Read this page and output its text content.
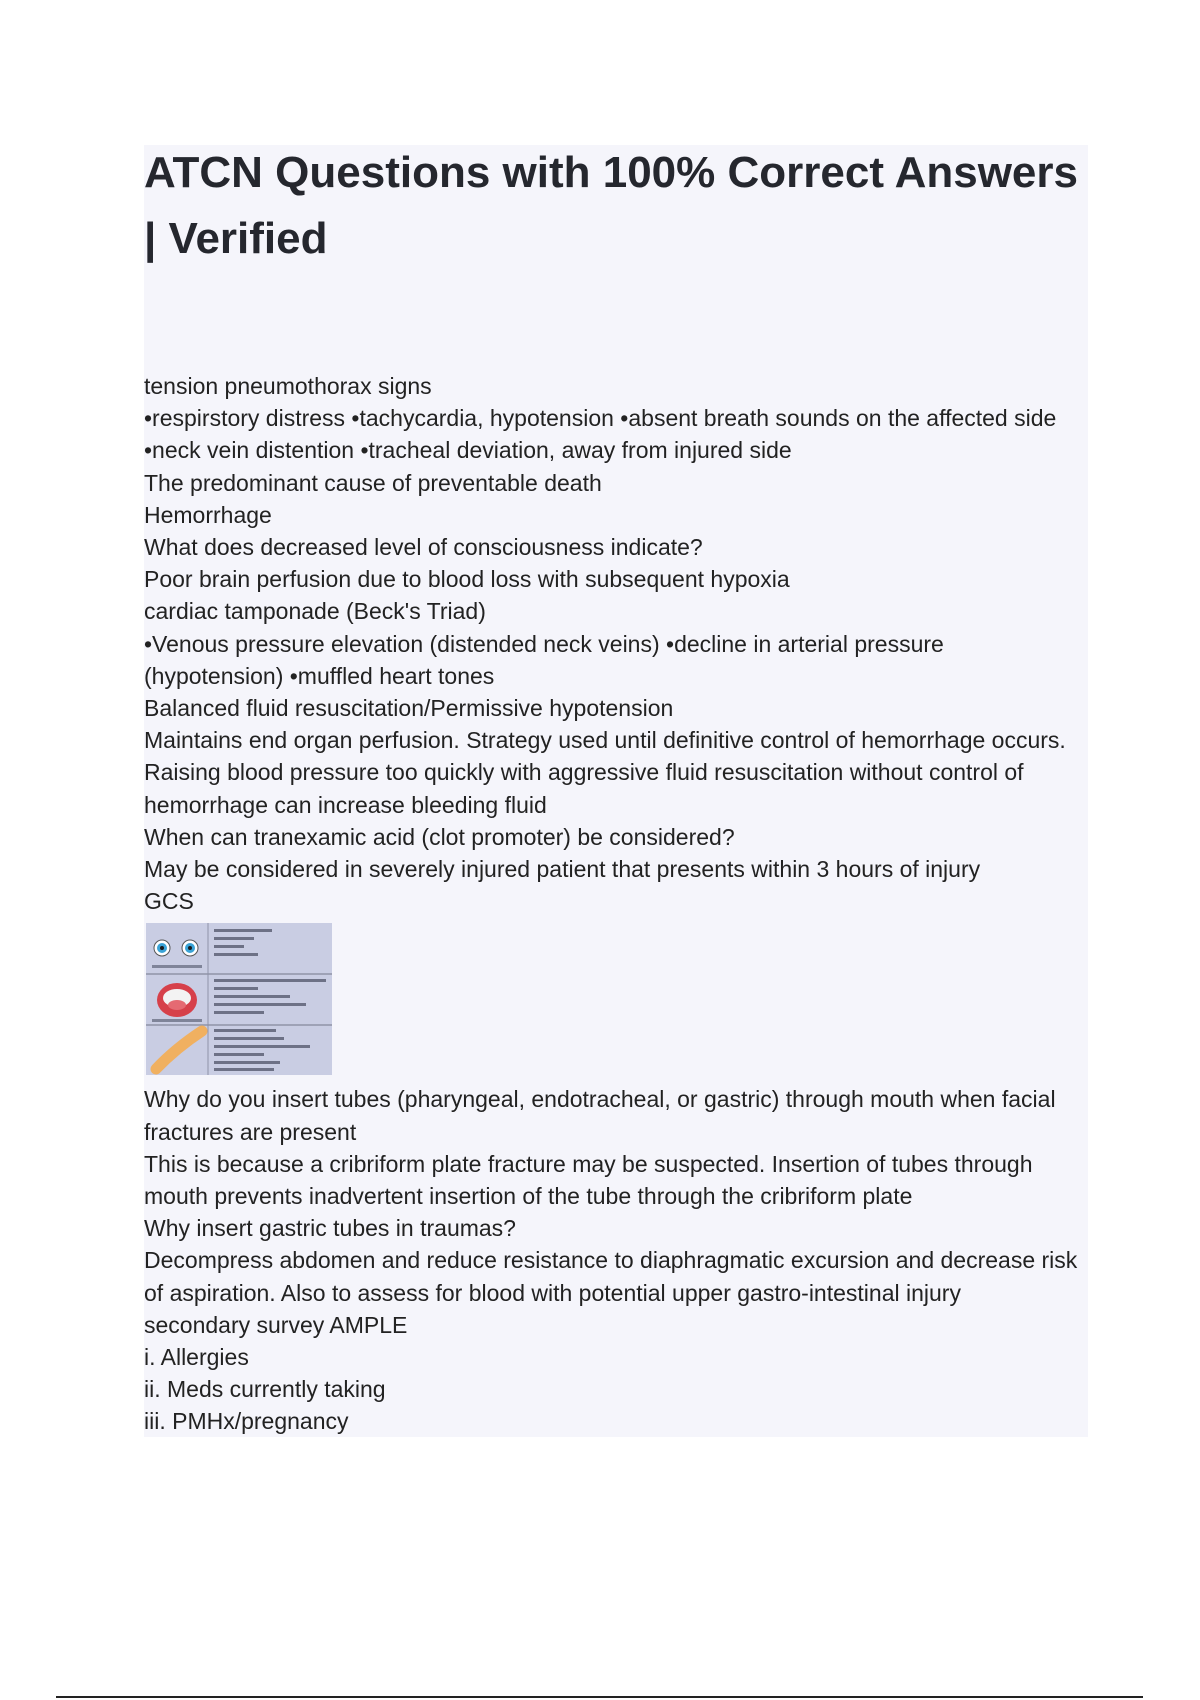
ATCN Questions with 100% Correct Answers | Verified

tension pneumothorax signs

•respirstory distress •tachycardia, hypotension •absent breath sounds on the affected side •neck vein distention •tracheal deviation, away from injured side

The predominant cause of preventable death

Hemorrhage

What does decreased level of consciousness indicate?

Poor brain perfusion due to blood loss with subsequent hypoxia

cardiac tamponade (Beck's Triad)

•Venous pressure elevation (distended neck veins) •decline in arterial pressure (hypotension) •muffled heart tones

Balanced fluid resuscitation/Permissive hypotension

Maintains end organ perfusion. Strategy used until definitive control of hemorrhage occurs. Raising blood pressure too quickly with aggressive fluid resuscitation without control of hemorrhage can increase bleeding fluid

When can tranexamic acid (clot promoter) be considered?

May be considered in severely injured patient that presents within 3 hours of injury

GCS

Why do you insert tubes (pharyngeal, endotracheal, or gastric) through mouth when facial fractures are present

This is because a cribriform plate fracture may be suspected. Insertion of tubes through mouth prevents inadvertent insertion of the tube through the cribriform plate

Why insert gastric tubes in traumas?

Decompress abdomen and reduce resistance to diaphragmatic excursion and decrease risk of aspiration. Also to assess for blood with potential upper gastro-intestinal injury

secondary survey AMPLE

i. Allergies

ii. Meds currently taking

iii. PMHx/pregnancy
